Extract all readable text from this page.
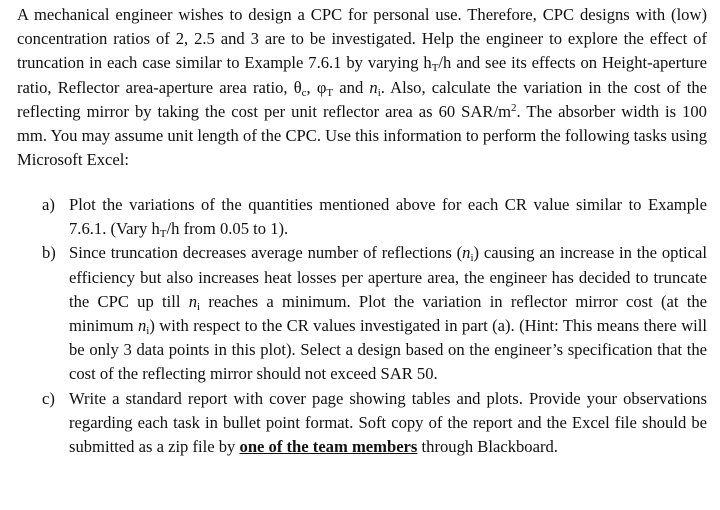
A mechanical engineer wishes to design a CPC for personal use. Therefore, CPC designs with (low) concentration ratios of 2, 2.5 and 3 are to be investigated. Help the engineer to explore the effect of truncation in each case similar to Example 7.6.1 by varying $h_T/h$ and see its effects on Height-aperture ratio, Reflector area-aperture area ratio, $\theta_c$, $\varphi_T$ and $n_i$. Also, calculate the variation in the cost of the reflecting mirror by taking the cost per unit reflector area as 60 SAR/$m^2$. The absorber width is 100 mm. You may assume unit length of the CPC. Use this information to perform the following tasks using Microsoft Excel:

a) Plot the variations of the quantities mentioned above for each CR value similar to Example 7.6.1. (Vary $h_T/h$ from 0.05 to 1).
b) Since truncation decreases average number of reflections $(n_i)$ causing an increase in the optical efficiency but also increases heat losses per aperture area, the engineer has decided to truncate the CPC up till $n_i$ reaches a minimum. Plot the variation in reflector mirror cost (at the minimum $n_i$) with respect to the CR values investigated in part (a). (Hint: This means there will be only 3 data points in this plot). Select a design based on the engineer’s specification that the cost of the reflecting mirror should not exceed SAR 50.
c) Write a standard report with cover page showing tables and plots. Provide your observations regarding each task in bullet point format. Soft copy of the report and the Excel file should be submitted as a zip file by one of the team members through Blackboard.
